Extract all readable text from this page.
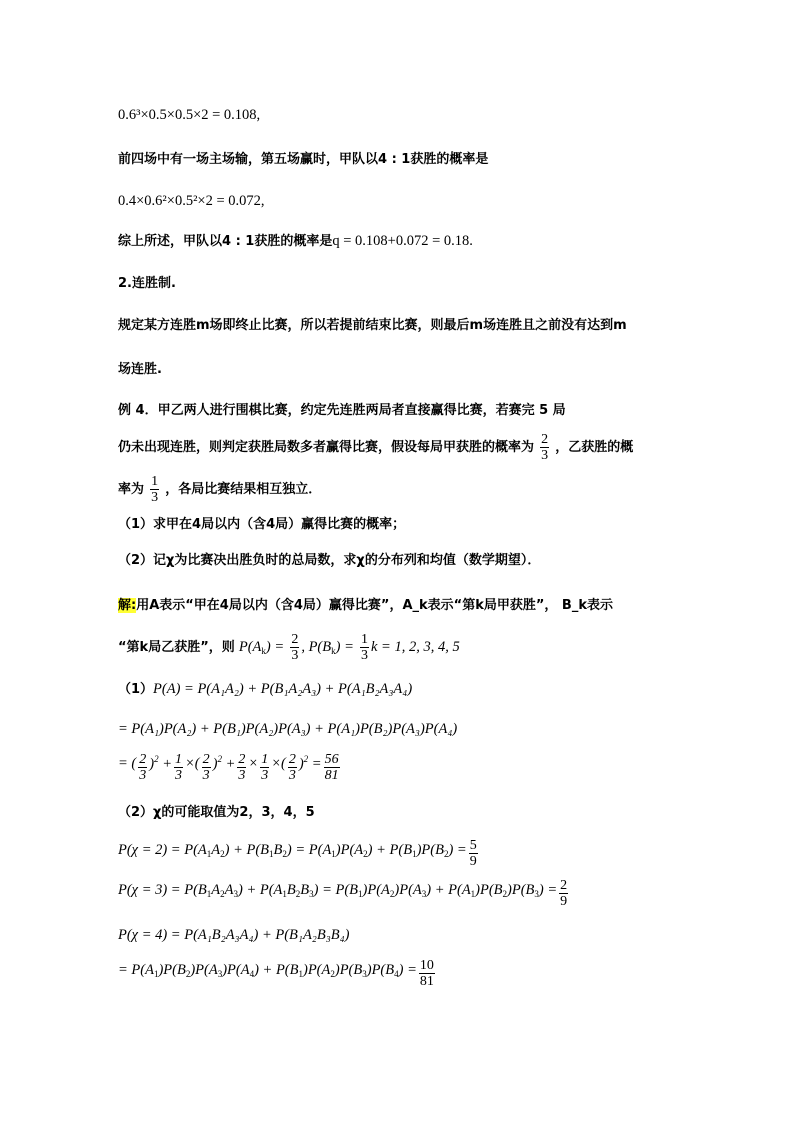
0.6³×0.5×0.5×2 = 0.108,
前四场中有一场主场输，第五场赢时，甲队以4 : 1获胜的概率是
0.4×0.6²×0.5²×2 = 0.072,
综上所述，甲队以4 : 1获胜的概率是q = 0.108+0.072 = 0.18.
2.连胜制.
规定某方连胜m场即终止比赛，所以若提前结束比赛，则最后m场连胜且之前没有达到m
场连胜.
例 4．甲乙两人进行围棋比赛，约定先连胜两局者直接赢得比赛，若赛完 5 局
仍未出现连胜，则判定获胜局数多者赢得比赛，假设每局甲获胜的概率为 $\frac{2}{3}$ ，乙获胜的概
率为 $\frac{1}{3}$ ，各局比赛结果相互独立．
（1）求甲在4局以内（含4局）赢得比赛的概率；
（2）记χ为比赛决出胜负时的总局数，求χ的分布列和均值（数学期望）．
解:用A表示“甲在4局以内（含4局）赢得比赛”，A_k表示“第k局甲获胜”， B_k表示
“第k局乙获胜”，则 $P(A_k) = \frac{2}{3}$ , $P(B_k) = \frac{1}{3}$ k = 1, 2, 3, 4, 5
（1）P(A) = P(A₁A₂) + P(B₁A₂A₃) + P(A₁B₂A₃A₄)
= P(A₁)P(A₂) + P(B₁)P(A₂)P(A₃) + P(A₁)P(B₂)P(A₃)P(A₄)
= ( $\frac{2}{3} )^2 + \frac{1}{3}$ ×( $\frac{2}{3} )^2 + \frac{2}{3} \times \frac{1}{3}$ ×( $\frac{2}{3} )^2 = \frac{56}{81}$
（2）χ的可能取值为2，3，4，5
$P(\chi = 2) = P(A_1A_2) + P(B_1B_2) = P(A_1)P(A_2) + P(B_1)P(B_2) = \frac{5}{9}$
$P(\chi = 3) = P(B_1A_2A_3) + P(A_1B_2B_3) = P(B_1)P(A_2)P(A_3) + P(A_1)P(B_2)P(B_3) = \frac{2}{9}$
P(χ = 4) = P(A₁B₂A₃A₄) + P(B₁A₂B₃B₄)
= $P(A_1)P(B_2)P(A_3)P(A_4) + P(B_1)P(A_2)P(B_3)P(B_4) = \frac{10}{81}$
